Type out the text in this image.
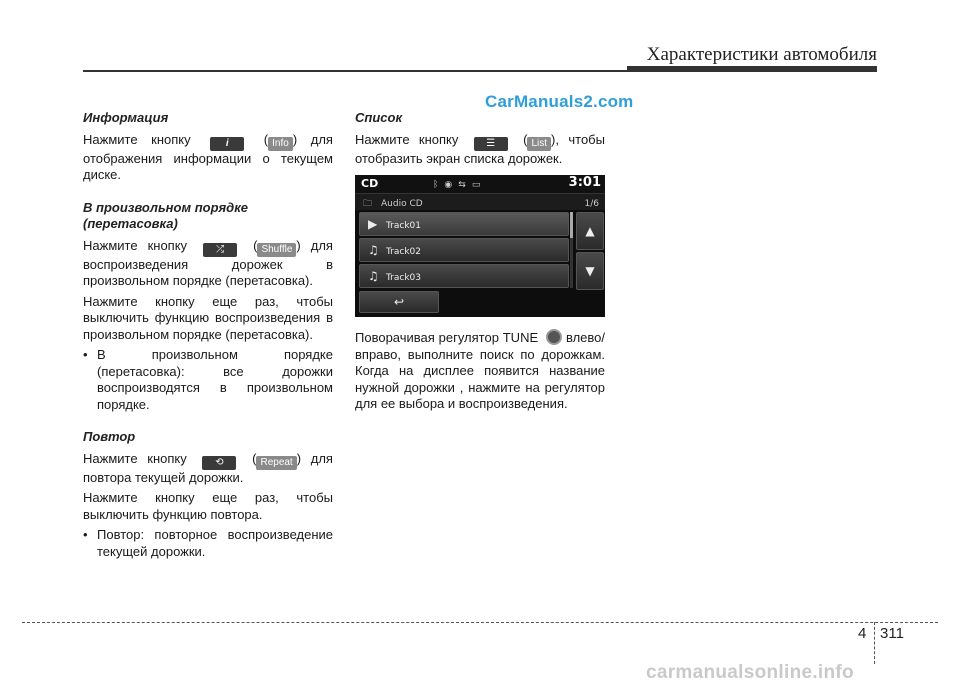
Характеристики автомобиля
CarManuals2.com
Информация

Нажмите кнопку	i ( Info ) для отображения информации о текущем диске.

В произвольном порядке (перетасовка)

Нажмите кнопку	⤮ ( Shuffle ) для воспроизведения дорожек в произвольном порядке (перетасовка).

Нажмите кнопку еще раз, чтобы выключить функцию воспроизведения в произвольном порядке (перетасовка).

• В произвольном порядке (перетасовка): все дорожки воспроизводятся в произвольном порядке.
Повтор

Нажмите кнопку	⟲ ( Repeat ) для повтора текущей дорожки.

Нажмите кнопку еще раз, чтобы выключить функцию повтора.

• Повтор: повторное воспроизведение текущей дорожки.
Список

Нажмите кнопку	☰ ( List ), чтобы отобразить экран списка дорожек.

CD	ᛒ◉⇆▭	3:01
🗀 Audio CD	1/6
▶ Track01
♫ Track02
♫ Track03
▲
▼
↩

Поворачивая регулятор TUNE влево/вправо, выполните поиск по дорожкам. Когда на дисплее появится название нужной дорожки , нажмите на регулятор для ее выбора и воспроизведения.

4 311
carmanualsonline.info
